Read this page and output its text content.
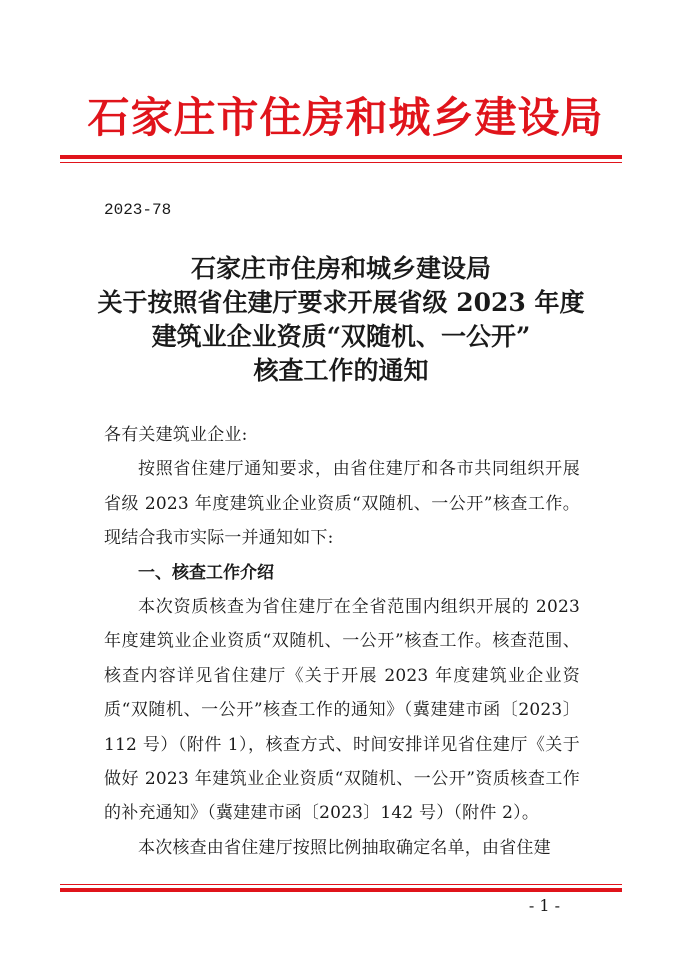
石家庄市住房和城乡建设局
2023-78
石家庄市住房和城乡建设局
关于按照省住建厅要求开展省级 2023 年度
建筑业企业资质“双随机、一公开”
核查工作的通知

各有关建筑业企业:

按照省住建厅通知要求，由省住建厅和各市共同组织开展省级 2023 年度建筑业企业资质“双随机、一公开”核查工作。现结合我市实际一并通知如下:

一、核查工作介绍

本次资质核查为省住建厅在全省范围内组织开展的 2023 年度建筑业企业资质“双随机、一公开”核查工作。核查范围、核查内容详见省住建厅《关于开展 2023 年度建筑业企业资质“双随机、一公开”核查工作的通知》（冀建建市函〔2023〕112 号）（附件 1），核查方式、时间安排详见省住建厅《关于做好 2023 年建筑业企业资质“双随机、一公开”资质核查工作的补充通知》（冀建建市函〔2023〕142 号）（附件 2）。

本次核查由省住建厅按照比例抽取确定名单，由省住建

- 1 -
